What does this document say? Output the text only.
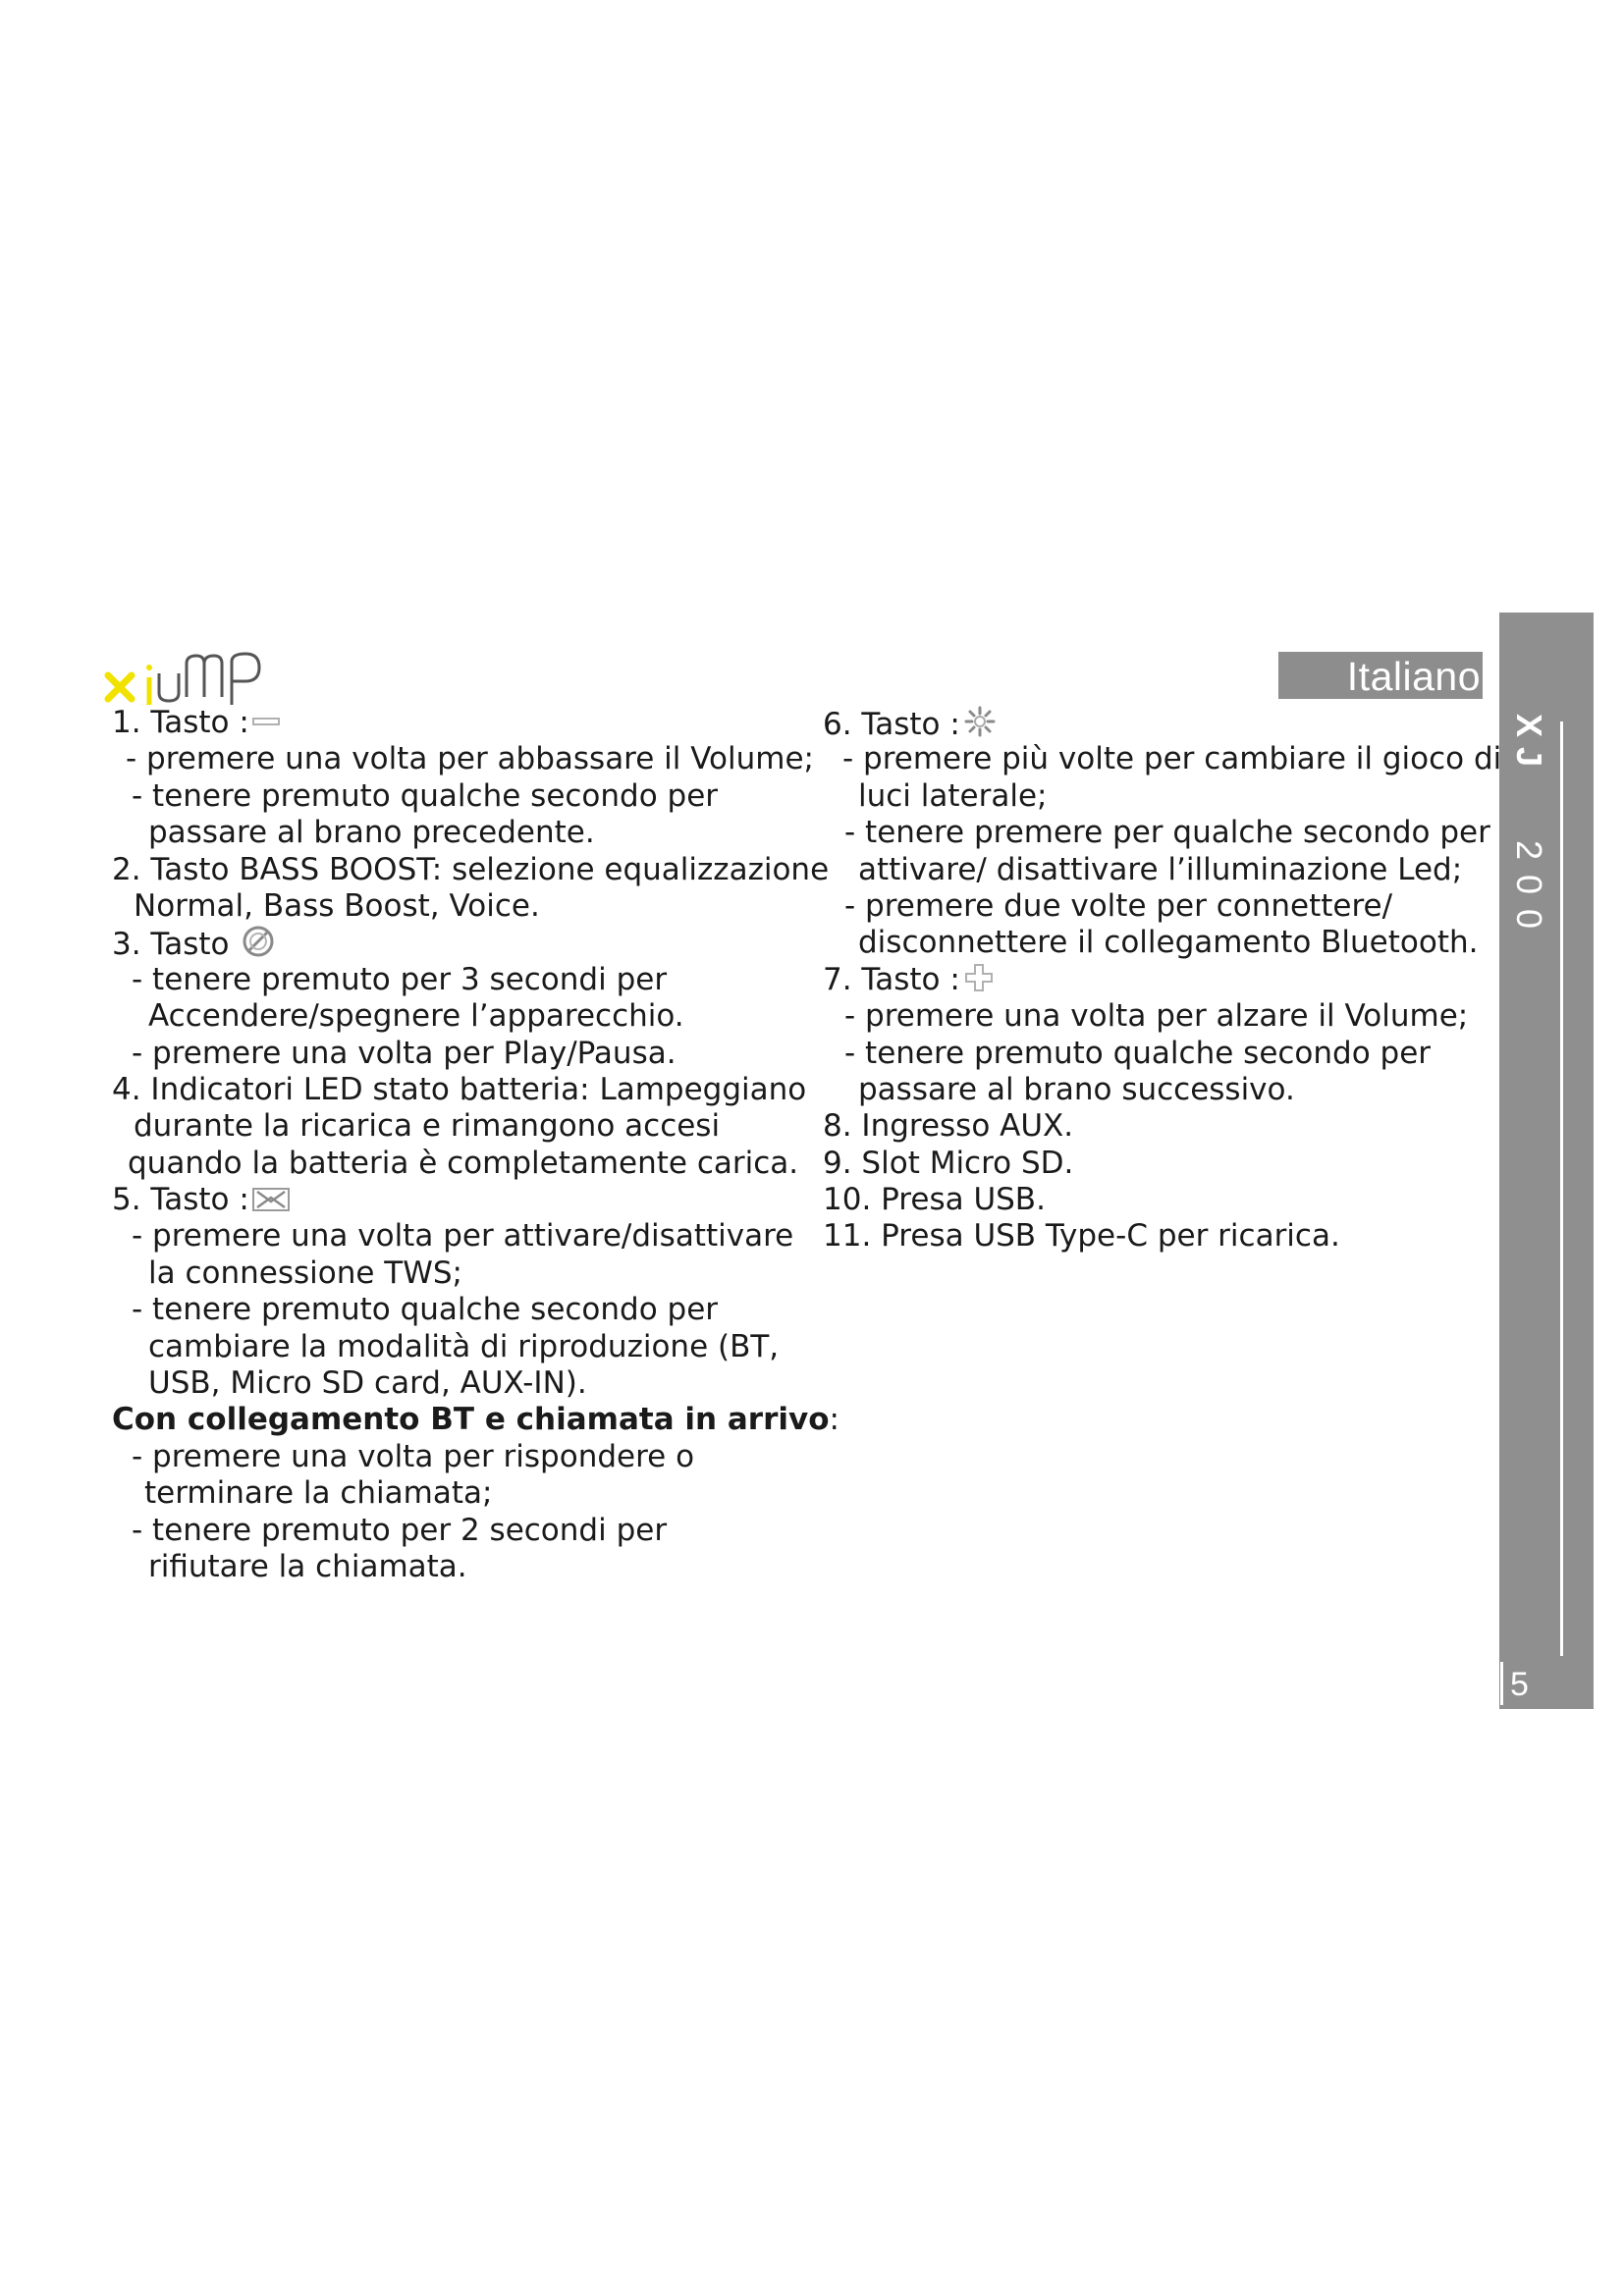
Italiano
X
J
2
0
0
5
1. Tasto :
- premere una volta per abbassare il Volume;
- tenere premuto qualche secondo per
passare al brano precedente.
2. Tasto BASS BOOST: selezione equalizzazione
Normal, Bass Boost, Voice.
3. Tasto
- tenere premuto per 3 secondi per
Accendere/spegnere l’apparecchio.
- premere una volta per Play/Pausa.
4. Indicatori LED stato batteria: Lampeggiano
durante la ricarica e rimangono accesi
quando la batteria è completamente carica.
5. Tasto :
- premere una volta per attivare/disattivare
la connessione TWS;
- tenere premuto qualche secondo per
cambiare la modalità di riproduzione (BT,
USB, Micro SD card, AUX-IN).
Con collegamento BT e chiamata in arrivo:
- premere una volta per rispondere o
terminare la chiamata;
- tenere premuto per 2 secondi per
rifiutare la chiamata.
6. Tasto :
- premere più volte per cambiare il gioco di
luci laterale;
- tenere premere per qualche secondo per
attivare/ disattivare l’illuminazione Led;
- premere due volte per connettere/
disconnettere il collegamento Bluetooth.
7. Tasto :
- premere una volta per alzare il Volume;
- tenere premuto qualche secondo per
passare al brano successivo.
8. Ingresso AUX.
9. Slot Micro SD.
10. Presa USB.
11. Presa USB Type-C per ricarica.
